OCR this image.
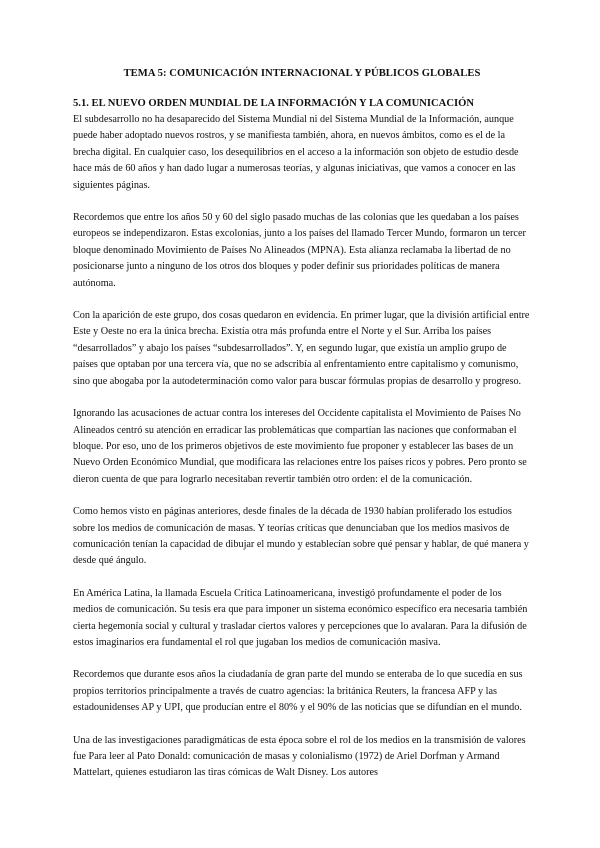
TEMA 5: COMUNICACIÓN INTERNACIONAL Y PÚBLICOS GLOBALES
5.1. EL NUEVO ORDEN MUNDIAL DE LA INFORMACIÓN Y LA COMUNICACIÓN

El subdesarrollo no ha desaparecido del Sistema Mundial ni del Sistema Mundial de la Información, aunque puede haber adoptado nuevos rostros, y se manifiesta también, ahora, en nuevos ámbitos, como es el de la brecha digital. En cualquier caso, los desequilibrios en el acceso a la información son objeto de estudio desde hace más de 60 años y han dado lugar a numerosas teorías, y algunas iniciativas, que vamos a conocer en las siguientes páginas.

Recordemos que entre los años 50 y 60 del siglo pasado muchas de las colonias que les quedaban a los países europeos se independizaron. Estas excolonias, junto a los países del llamado Tercer Mundo, formaron un tercer bloque denominado Movimiento de Países No Alineados (MPNA). Esta alianza reclamaba la libertad de no posicionarse junto a ninguno de los otros dos bloques y poder definir sus prioridades políticas de manera autónoma.

Con la aparición de este grupo, dos cosas quedaron en evidencia. En primer lugar, que la división artificial entre Este y Oeste no era la única brecha. Existía otra más profunda entre el Norte y el Sur. Arriba los países “desarrollados” y abajo los países “subdesarrollados”. Y, en segundo lugar, que existía un amplio grupo de países que optaban por una tercera vía, que no se adscribía al enfrentamiento entre capitalismo y comunismo, sino que abogaba por la autodeterminación como valor para buscar fórmulas propias de desarrollo y progreso.

Ignorando las acusaciones de actuar contra los intereses del Occidente capitalista el Movimiento de Países No Alineados centró su atención en erradicar las problemáticas que compartían las naciones que conformaban el bloque. Por eso, uno de los primeros objetivos de este movimiento fue proponer y establecer las bases de un Nuevo Orden Económico Mundial, que modificara las relaciones entre los países ricos y pobres. Pero pronto se dieron cuenta de que para lograrlo necesitaban revertir también otro orden: el de la comunicación.

Como hemos visto en páginas anteriores, desde finales de la década de 1930 habían proliferado los estudios sobre los medios de comunicación de masas. Y teorías críticas que denunciaban que los medios masivos de comunicación tenían la capacidad de dibujar el mundo y establecían sobre qué pensar y hablar, de qué manera y desde qué ángulo.

En América Latina, la llamada Escuela Crítica Latinoamericana, investigó profundamente el poder de los medios de comunicación. Su tesis era que para imponer un sistema económico específico era necesaria también cierta hegemonía social y cultural y trasladar ciertos valores y percepciones que lo avalaran. Para la difusión de estos imaginarios era fundamental el rol que jugaban los medios de comunicación masiva.

Recordemos que durante esos años la ciudadanía de gran parte del mundo se enteraba de lo que sucedía en sus propios territorios principalmente a través de cuatro agencias: la británica Reuters, la francesa AFP y las estadounidenses AP y UPI, que producían entre el 80% y el 90% de las noticias que se difundían en el mundo.

Una de las investigaciones paradigmáticas de esta época sobre el rol de los medios en la transmisión de valores fue Para leer al Pato Donald: comunicación de masas y colonialismo (1972) de Ariel Dorfman y Armand Mattelart, quienes estudiaron las tiras cómicas de Walt Disney. Los autores
